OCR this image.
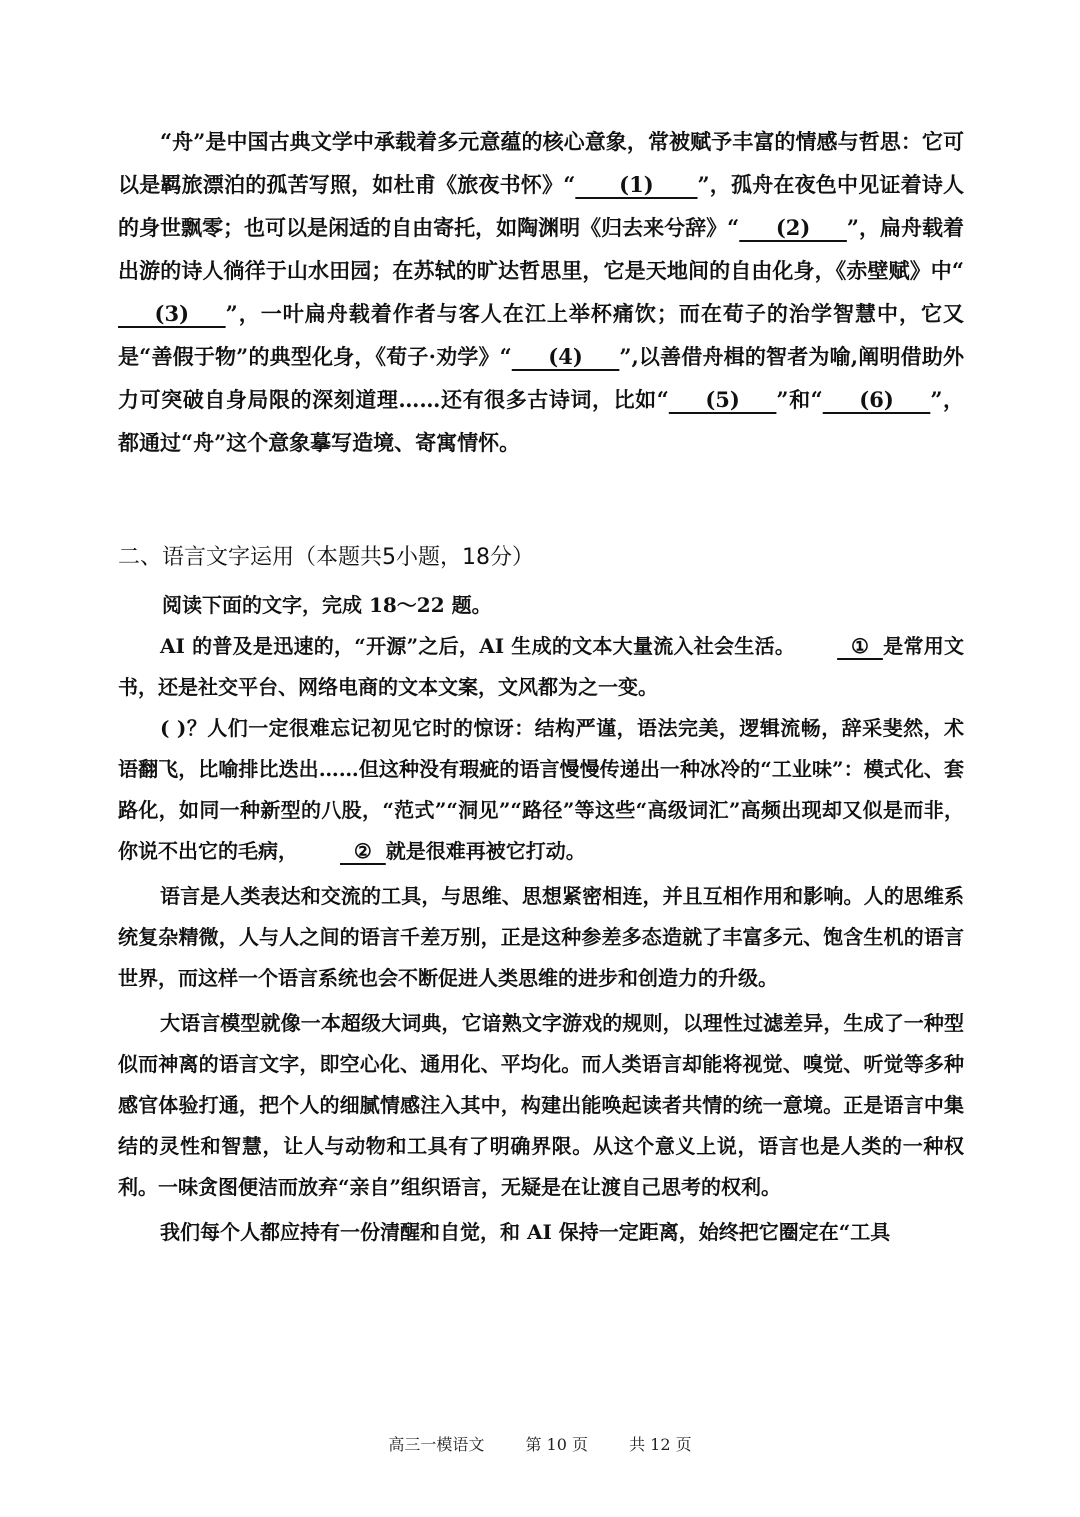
“舟”是中国古典文学中承载着多元意蕴的核心意象，常被赋予丰富的情感与哲思：它可以是羁旅漂泊的孤苦写照，如杜甫《旅夜书怀》“      (1)      ”，孤舟在夜色中见证着诗人的身世飘零；也可以是闲适的自由寄托，如陶渊明《归去来兮辞》“     (2)     ”，扁舟载着出游的诗人徜徉于山水田园；在苏轼的旷达哲思里，它是天地间的自由化身，《赤壁赋》中“     (3)     ”，一叶扁舟载着作者与客人在江上举杯痛饮；而在荀子的治学智慧中，它又是“善假于物”的典型化身，《荀子·劝学》“     (4)     ”,以善借舟楫的智者为喻,阐明借助外力可突破自身局限的深刻道理……还有很多古诗词，比如“     (5)     ”和“     (6)     ”，都通过“舟”这个意象摹写造境、寄寓情怀。
二、语言文字运用（本题共5小题，18分）
阅读下面的文字，完成 18～22 题。

AI 的普及是迅速的，“开源”之后，AI 生成的文本大量流入社会生活。  ①  是常用文书，还是社交平台、网络电商的文本文案，文风都为之一变。

( )？人们一定很难忘记初见它时的惊讶：结构严谨，语法完美，逻辑流畅，辞采斐然，术语翻飞，比喻排比迭出……但这种没有瑕疵的语言慢慢传递出一种冰冷的“工业味”：模式化、套路化，如同一种新型的八股，“范式”“洞见”“路径”等这些“高级词汇”高频出现却又似是而非，你说不出它的毛病，  ②  就是很难再被它打动。

语言是人类表达和交流的工具，与思维、思想紧密相连，并且互相作用和影响。人的思维系统复杂精微，人与人之间的语言千差万别，正是这种参差多态造就了丰富多元、饱含生机的语言世界，而这样一个语言系统也会不断促进人类思维的进步和创造力的升级。

大语言模型就像一本超级大词典，它谙熟文字游戏的规则，以理性过滤差异，生成了一种型似而神离的语言文字，即空心化、通用化、平均化。而人类语言却能将视觉、嗅觉、听觉等多种感官体验打通，把个人的细腻情感注入其中，构建出能唤起读者共情的统一意境。正是语言中集结的灵性和智慧，让人与动物和工具有了明确界限。从这个意义上说，语言也是人类的一种权利。一味贪图便洁而放弃“亲自”组织语言，无疑是在让渡自己思考的权利。

我们每个人都应持有一份清醒和自觉，和 AI 保持一定距离，始终把它圈定在“工具

高三一模语文	第 10 页	共 12 页
